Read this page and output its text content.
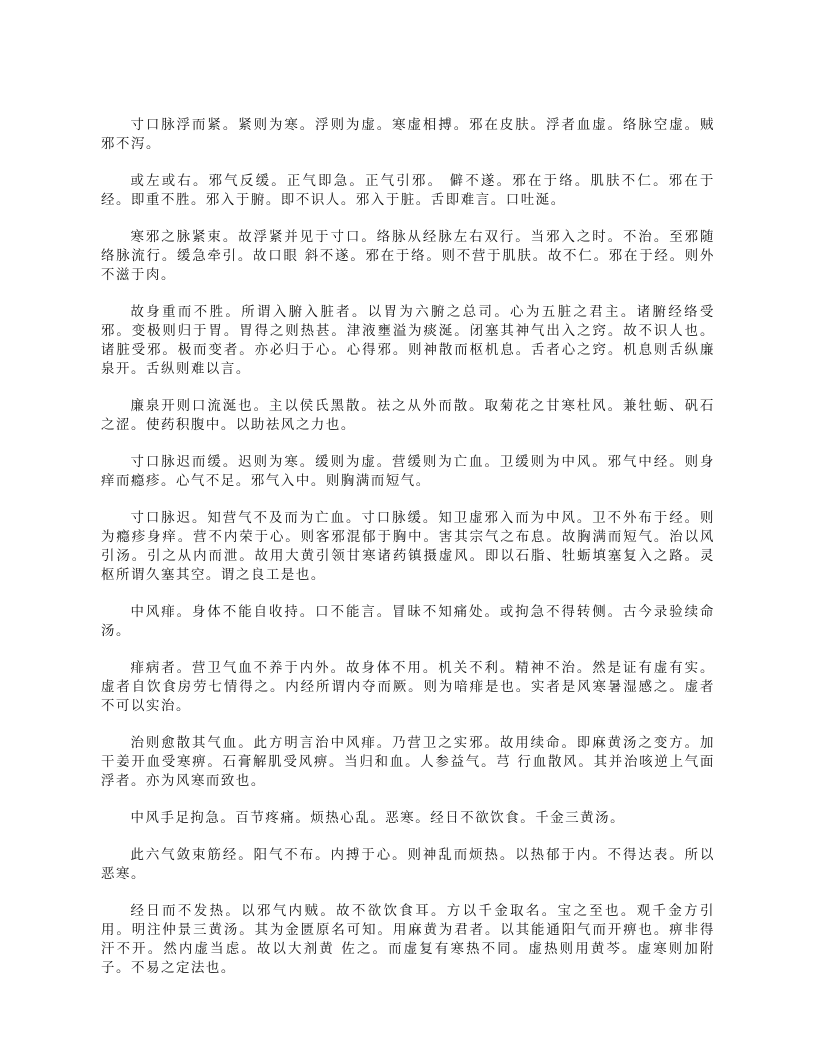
寸口脉浮而紧。紧则为寒。浮则为虚。寒虚相搏。邪在皮肤。浮者血虚。络脉空虚。贼邪不泻。

或左或右。邪气反缓。正气即急。正气引邪。 僻不遂。邪在于络。肌肤不仁。邪在于经。即重不胜。邪入于腑。即不识人。邪入于脏。舌即难言。口吐涎。

寒邪之脉紧束。故浮紧并见于寸口。络脉从经脉左右双行。当邪入之时。不治。至邪随络脉流行。缓急牵引。故口眼 斜不遂。邪在于络。则不营于肌肤。故不仁。邪在于经。则外不滋于肉。

故身重而不胜。所谓入腑入脏者。以胃为六腑之总司。心为五脏之君主。诸腑经络受邪。变极则归于胃。胃得之则热甚。津液壅溢为痰涎。闭塞其神气出入之窍。故不识人也。诸脏受邪。极而变者。亦必归于心。心得邪。则神散而枢机息。舌者心之窍。机息则舌纵廉泉开。舌纵则难以言。

廉泉开则口流涎也。主以侯氏黑散。祛之从外而散。取菊花之甘寒杜风。兼牡蛎、矾石之涩。使药积腹中。以助祛风之力也。

寸口脉迟而缓。迟则为寒。缓则为虚。营缓则为亡血。卫缓则为中风。邪气中经。则身痒而瘾疹。心气不足。邪气入中。则胸满而短气。

寸口脉迟。知营气不及而为亡血。寸口脉缓。知卫虚邪入而为中风。卫不外布于经。则为瘾疹身痒。营不内荣于心。则客邪混郁于胸中。害其宗气之布息。故胸满而短气。治以风引汤。引之从内而泄。故用大黄引领甘寒诸药镇摄虚风。即以石脂、牡蛎填塞复入之路。灵枢所谓久塞其空。谓之良工是也。

中风痱。身体不能自收持。口不能言。冒昧不知痛处。或拘急不得转侧。古今录验续命汤。

痱病者。营卫气血不养于内外。故身体不用。机关不利。精神不治。然是证有虚有实。虚者自饮食房劳七情得之。内经所谓内夺而厥。则为喑痱是也。实者是风寒暑湿感之。虚者不可以实治。

治则愈散其气血。此方明言治中风痱。乃营卫之实邪。故用续命。即麻黄汤之变方。加干姜开血受寒痹。石膏解肌受风痹。当归和血。人参益气。芎 行血散风。其并治咳逆上气面浮者。亦为风寒而致也。

中风手足拘急。百节疼痛。烦热心乱。恶寒。经日不欲饮食。千金三黄汤。

此六气敛束筋经。阳气不布。内搏于心。则神乱而烦热。以热郁于内。不得达表。所以恶寒。

经日而不发热。以邪气内贼。故不欲饮食耳。方以千金取名。宝之至也。观千金方引用。明注仲景三黄汤。其为金匮原名可知。用麻黄为君者。以其能通阳气而开痹也。痹非得汗不开。然内虚当虑。故以大剂黄 佐之。而虚复有寒热不同。虚热则用黄芩。虚寒则加附子。不易之定法也。
